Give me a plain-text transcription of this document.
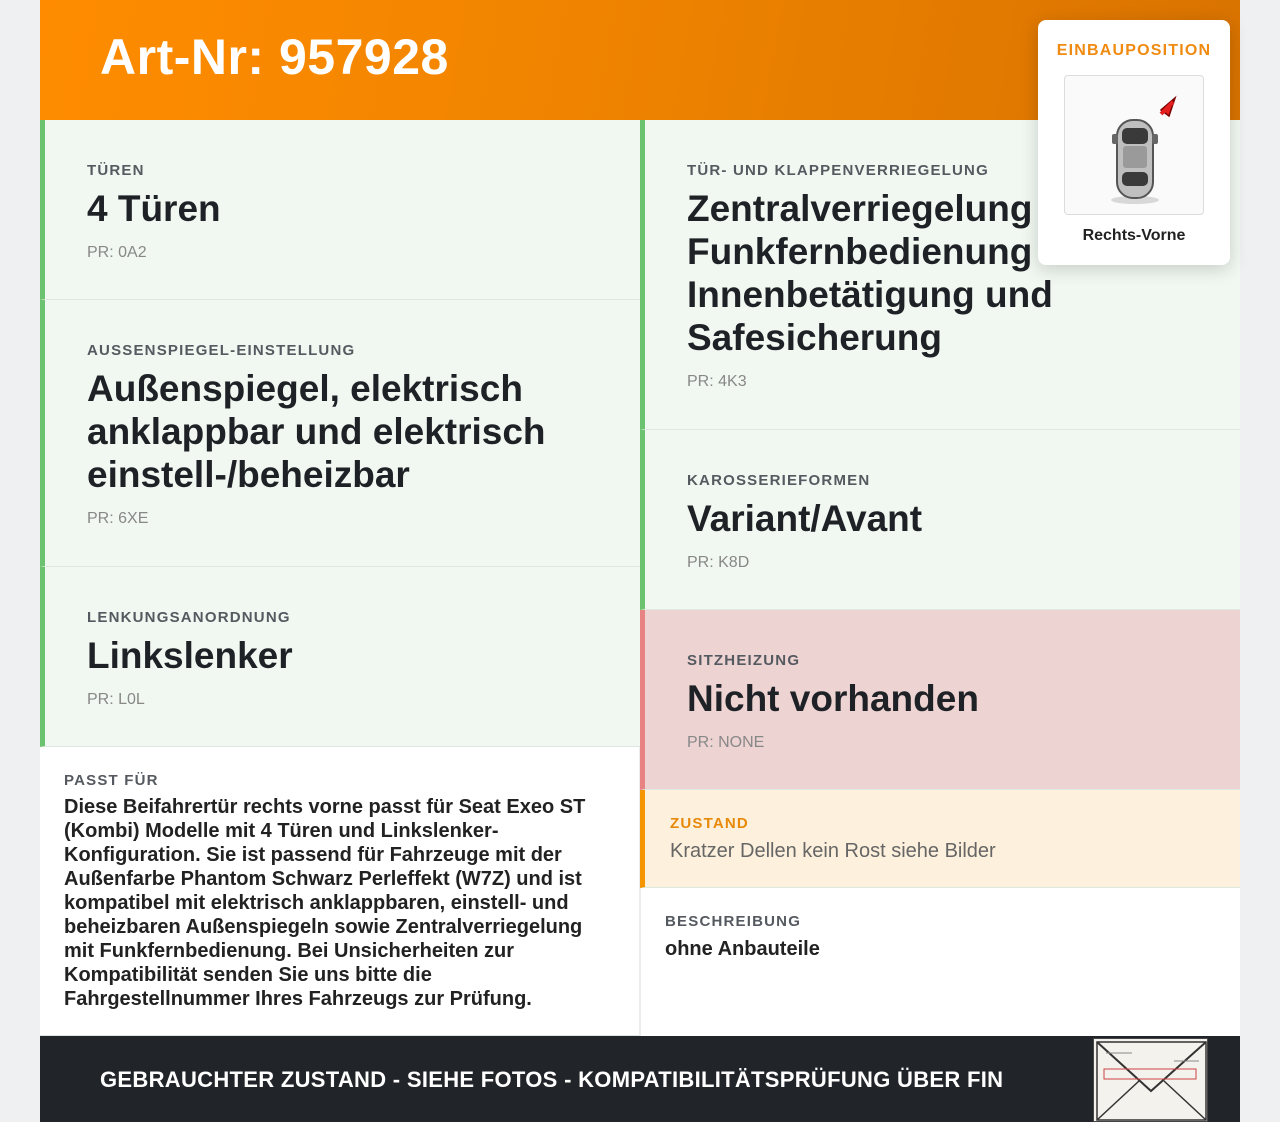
Art-Nr: 957928
TÜREN
4 Türen
PR: 0A2
AUSSENSPIEGEL-EINSTELLUNG
Außenspiegel, elektrisch anklappbar und elektrisch einstell-/beheizbar
PR: 6XE
LENKUNGSANORDNUNG
Linkslenker
PR: L0L
PASST FÜR
Diese Beifahrertür rechts vorne passt für Seat Exeo ST (Kombi) Modelle mit 4 Türen und Linkslenker-Konfiguration. Sie ist passend für Fahrzeuge mit der Außenfarbe Phantom Schwarz Perleffekt (W7Z) und ist kompatibel mit elektrisch anklappbaren, einstell- und beheizbaren Außenspiegeln sowie Zentralverriegelung mit Funkfernbedienung. Bei Unsicherheiten zur Kompatibilität senden Sie uns bitte die Fahrgestellnummer Ihres Fahrzeugs zur Prüfung.
TÜR- UND KLAPPENVERRIEGELUNG
Zentralverriegelung Funkfernbedienung Innenbetätigung und Safesicherung
PR: 4K3
KAROSSERIEFORMEN
Variant/Avant
PR: K8D
SITZHEIZUNG
Nicht vorhanden
PR: NONE
ZUSTAND
Kratzer Dellen kein Rost siehe Bilder
BESCHREIBUNG
ohne Anbauteile
GEBRAUCHTER ZUSTAND - SIEHE FOTOS - KOMPATIBILITÄTSPRÜFUNG ÜBER FIN
EINBAUPOSITION
Rechts-Vorne
